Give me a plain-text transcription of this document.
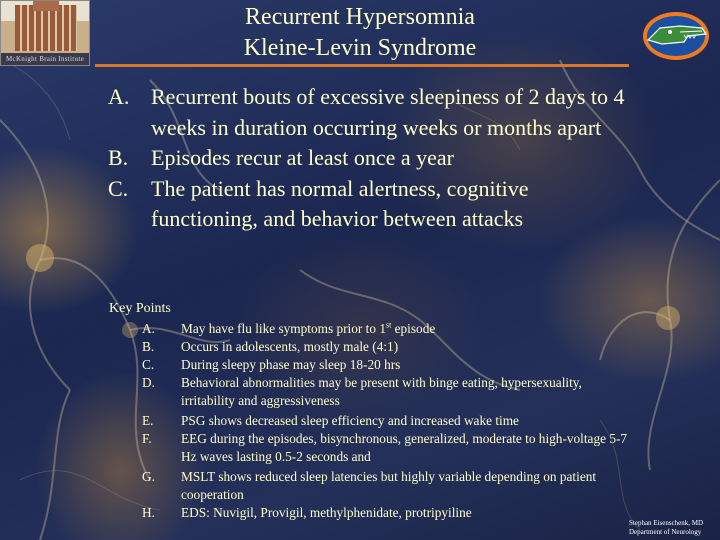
McKnight Brain Institute
Recurrent Hypersomnia
Kleine-Levin Syndrome
A. Recurrent bouts of excessive sleepiness of 2 days to 4 weeks in duration occurring weeks or months apart
B. Episodes recur at least once a year
C. The patient has normal alertness, cognitive functioning, and behavior between attacks
Key Points
A. May have flu like symptoms prior to 1st episode
B. Occurs in adolescents, mostly male (4:1)
C. During sleepy phase may sleep 18-20 hrs
D. Behavioral abnormalities may be present with binge eating, hypersexuality, irritability and aggressiveness
E. PSG shows decreased sleep efficiency and increased wake time
F. EEG during the episodes, bisynchronous, generalized, moderate to high-voltage 5-7 Hz waves lasting 0.5-2 seconds and
G. MSLT shows reduced sleep latencies but highly variable depending on patient cooperation
H. EDS: Nuvigil, Provigil, methylphenidate, protripyiline
Stephan Eisenschenk, MD
Department of Neurology
